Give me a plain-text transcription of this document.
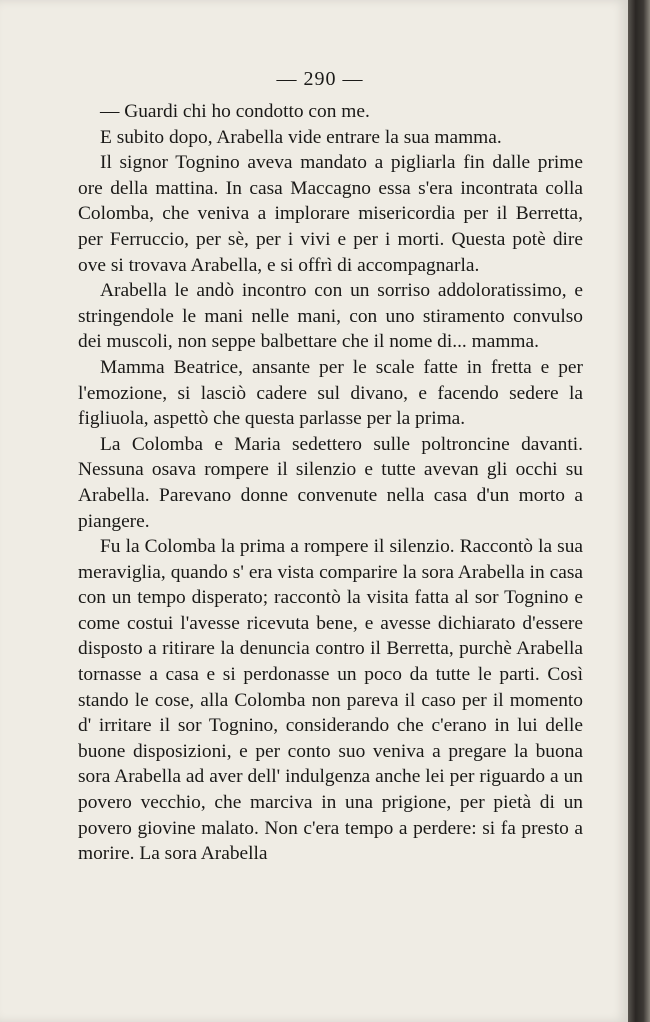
— 290 —

— Guardi chi ho condotto con me.

E subito dopo, Arabella vide entrare la sua mamma.

Il signor Tognino aveva mandato a pigliarla fin dalle prime ore della mattina. In casa Maccagno essa s'era incontrata colla Colomba, che veniva a implorare misericordia per il Berretta, per Ferruccio, per sè, per i vivi e per i morti. Questa potè dire ove si trovava Arabella, e si offrì di accompagnarla.

Arabella le andò incontro con un sorriso addoloratissimo, e stringendole le mani nelle mani, con uno stiramento convulso dei muscoli, non seppe balbettare che il nome di... mamma.

Mamma Beatrice, ansante per le scale fatte in fretta e per l'emozione, si lasciò cadere sul divano, e facendo sedere la figliuola, aspettò che questa parlasse per la prima.

La Colomba e Maria sedettero sulle poltroncine davanti. Nessuna osava rompere il silenzio e tutte avevan gli occhi su Arabella. Parevano donne convenute nella casa d'un morto a piangere.

Fu la Colomba la prima a rompere il silenzio. Raccontò la sua meraviglia, quando s' era vista comparire la sora Arabella in casa con un tempo disperato; raccontò la visita fatta al sor Tognino e come costui l'avesse ricevuta bene, e avesse dichiarato d'essere disposto a ritirare la denuncia contro il Berretta, purchè Arabella tornasse a casa e si perdonasse un poco da tutte le parti. Così stando le cose, alla Colomba non pareva il caso per il momento d' irritare il sor Tognino, considerando che c'erano in lui delle buone disposizioni, e per conto suo veniva a pregare la buona sora Arabella ad aver dell' indulgenza anche lei per riguardo a un povero vecchio, che marciva in una prigione, per pietà di un povero giovine malato. Non c'era tempo a perdere: si fa presto a morire. La sora Arabella
